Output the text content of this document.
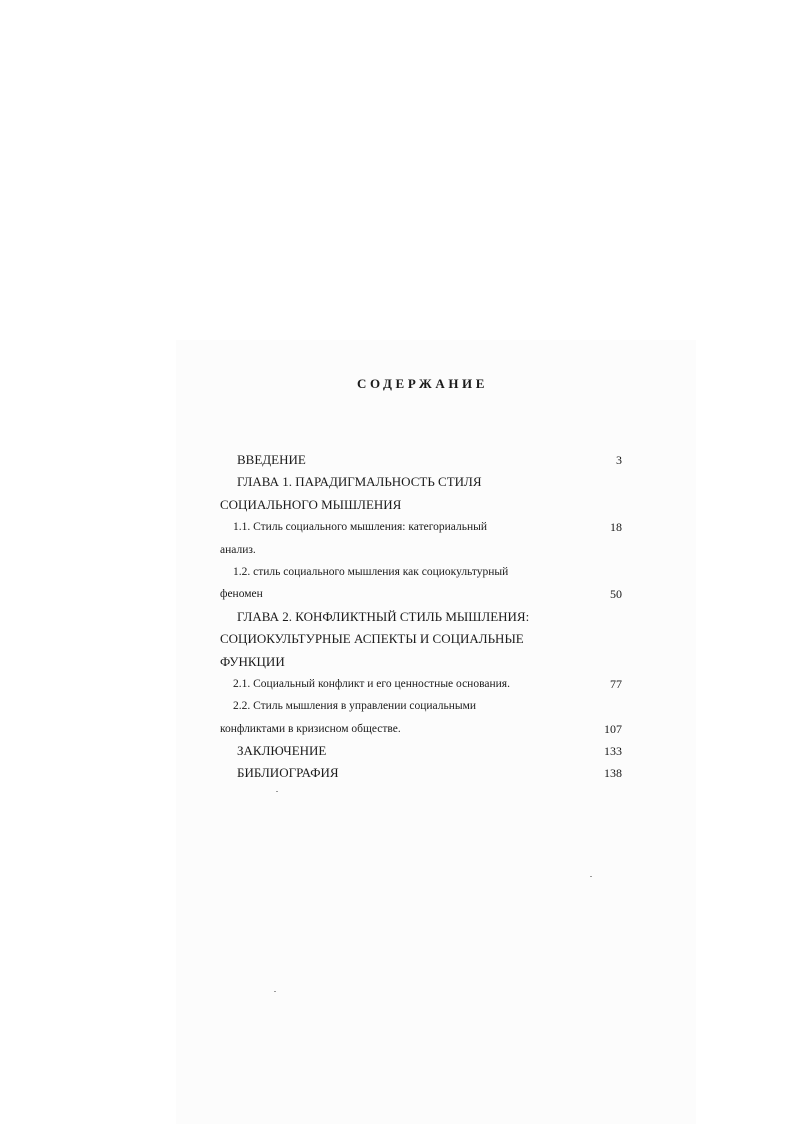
СОДЕРЖАНИЕ
ВВЕДЕНИЕ	3
ГЛАВА 1. ПАРАДИГМАЛЬНОСТЬ СТИЛЯ
СОЦИАЛЬНОГО МЫШЛЕНИЯ
1.1. Стиль социального мышления: категориальный	18
анализ.
1.2. стиль социального мышления как социокультурный
феномен	50
ГЛАВА 2. КОНФЛИКТНЫЙ СТИЛЬ МЫШЛЕНИЯ:
СОЦИОКУЛЬТУРНЫЕ АСПЕКТЫ И СОЦИАЛЬНЫЕ
ФУНКЦИИ
2.1. Социальный конфликт и его ценностные основания.	77
2.2. Стиль мышления в управлении социальными
конфликтами в кризисном обществе.	107
ЗАКЛЮЧЕНИЕ	133
БИБЛИОГРАФИЯ	138
